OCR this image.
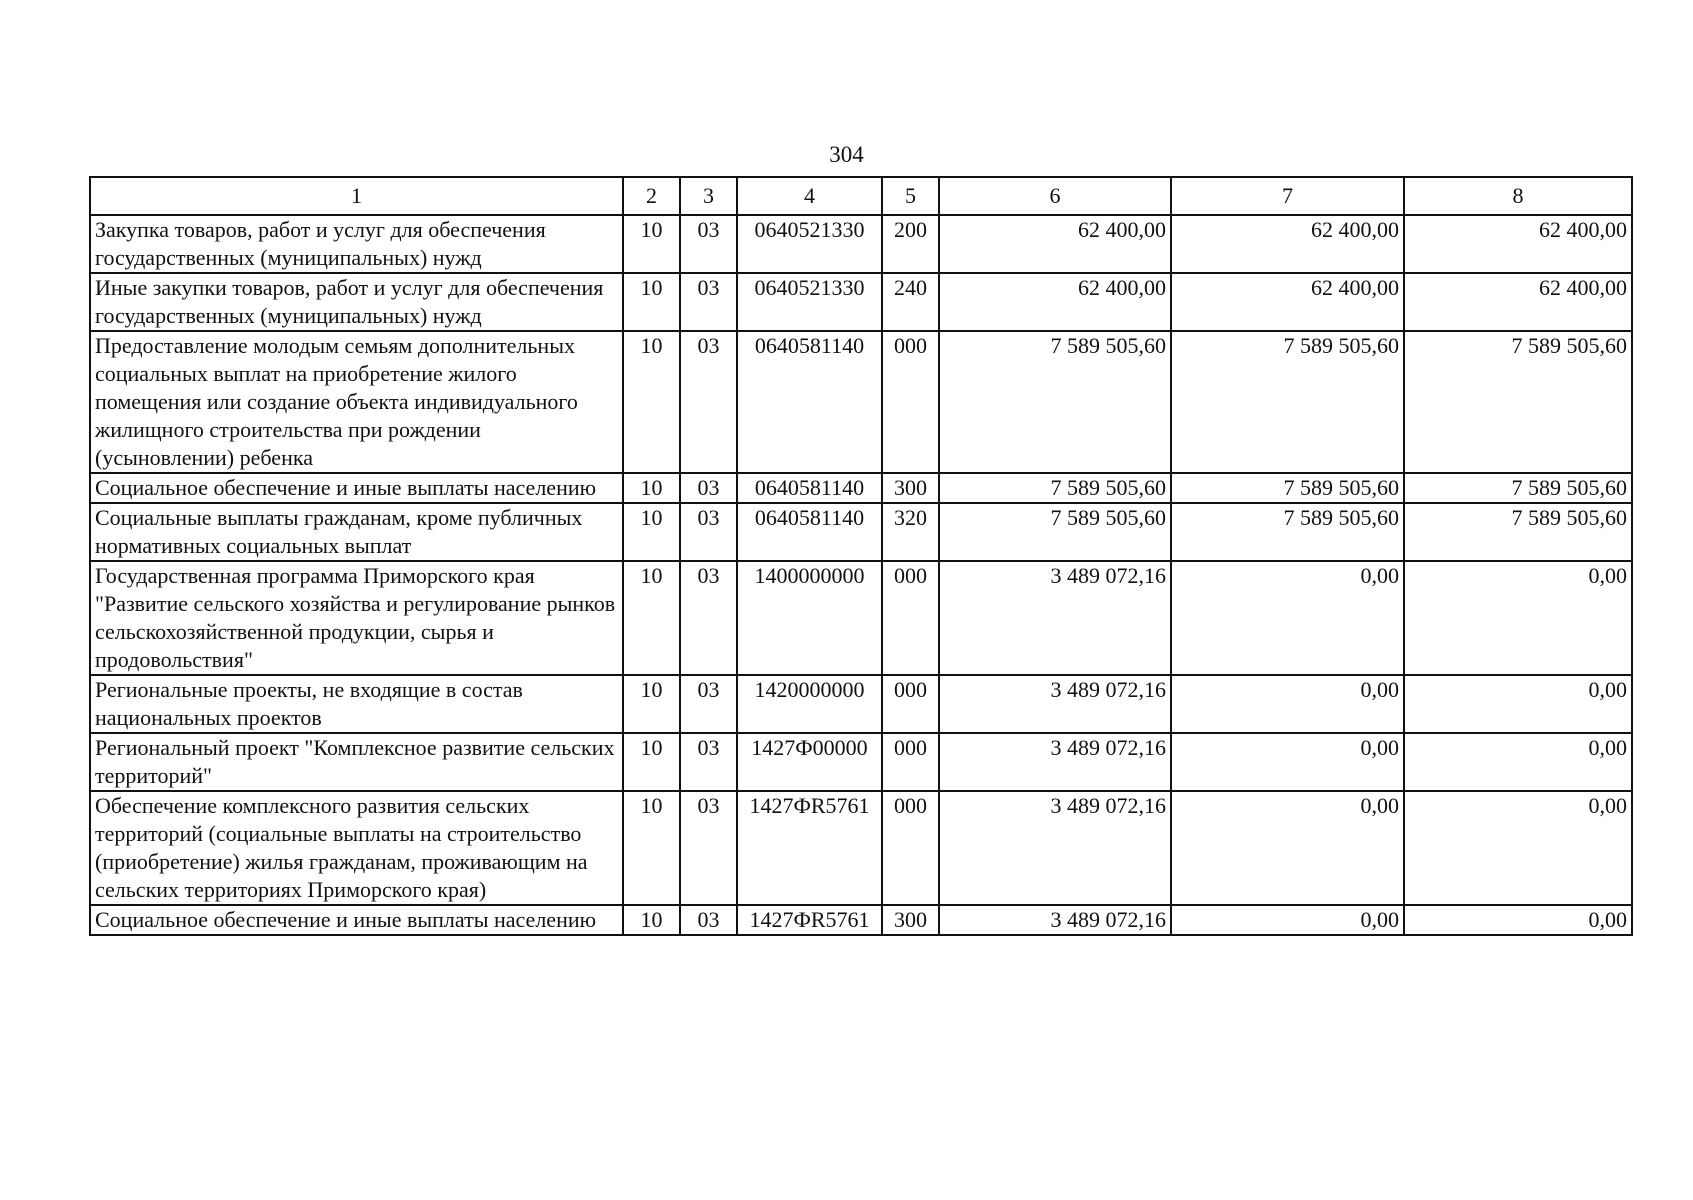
304
1	2	3	4	5	6	7	8
Закупка товаров, работ и услуг для обеспечения государственных (муниципальных) нужд	10	03	0640521330	200	62 400,00	62 400,00	62 400,00
Иные закупки товаров, работ и услуг для обеспечения государственных (муниципальных) нужд	10	03	0640521330	240	62 400,00	62 400,00	62 400,00
Предоставление молодым семьям дополнительных социальных выплат на приобретение жилого помещения или создание объекта индивидуального жилищного строительства при рождении (усыновлении) ребенка	10	03	0640581140	000	7 589 505,60	7 589 505,60	7 589 505,60
Социальное обеспечение и иные выплаты населению	10	03	0640581140	300	7 589 505,60	7 589 505,60	7 589 505,60
Социальные выплаты гражданам, кроме публичных нормативных социальных выплат	10	03	0640581140	320	7 589 505,60	7 589 505,60	7 589 505,60
Государственная программа Приморского края "Развитие сельского хозяйства и регулирование рынков сельскохозяйственной продукции, сырья и продовольствия"	10	03	1400000000	000	3 489 072,16	0,00	0,00
Региональные проекты, не входящие в состав национальных проектов	10	03	1420000000	000	3 489 072,16	0,00	0,00
Региональный проект "Комплексное развитие сельских территорий"	10	03	1427Ф00000	000	3 489 072,16	0,00	0,00
Обеспечение комплексного развития сельских территорий (социальные выплаты на строительство (приобретение) жилья гражданам, проживающим на сельских территориях Приморского края)	10	03	1427ФR5761	000	3 489 072,16	0,00	0,00
Социальное обеспечение и иные выплаты населению	10	03	1427ФR5761	300	3 489 072,16	0,00	0,00
